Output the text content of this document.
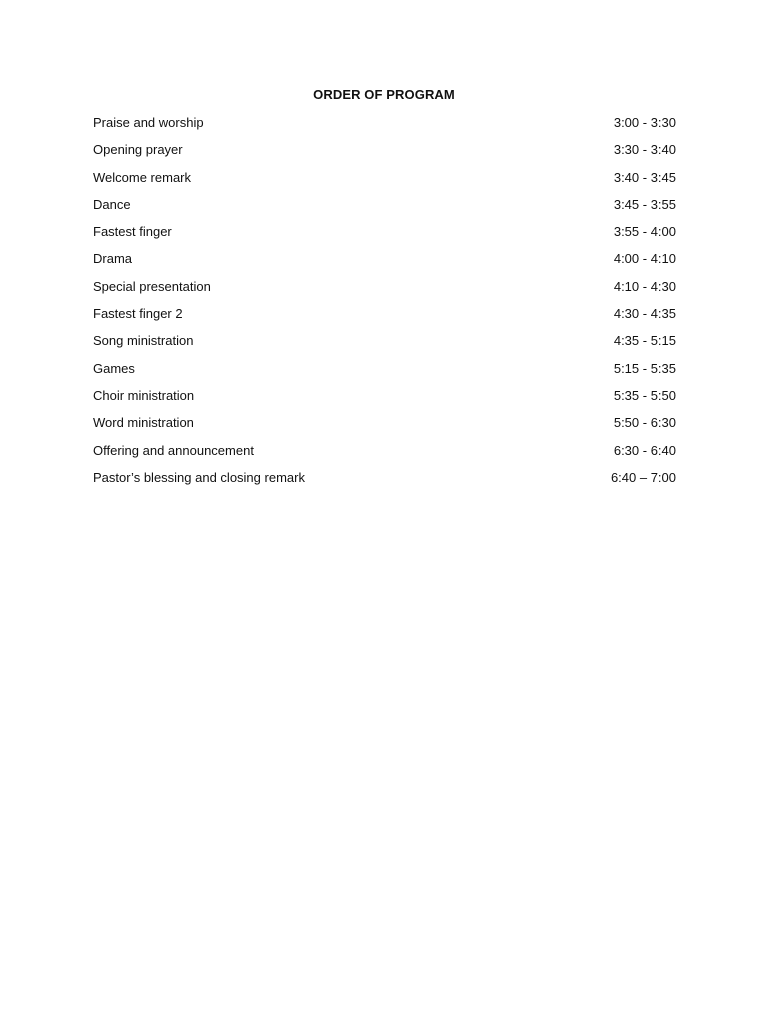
ORDER OF PROGRAM
Praise and worship	3:00 - 3:30
Opening prayer	3:30 - 3:40
Welcome remark	3:40 - 3:45
Dance	3:45 - 3:55
Fastest finger	3:55 - 4:00
Drama	4:00 - 4:10
Special presentation	4:10 - 4:30
Fastest finger 2	4:30 - 4:35
Song ministration	4:35 - 5:15
Games	5:15 - 5:35
Choir ministration	5:35 - 5:50
Word ministration	5:50 - 6:30
Offering and announcement	6:30 - 6:40
Pastor’s blessing and closing remark	6:40 – 7:00
